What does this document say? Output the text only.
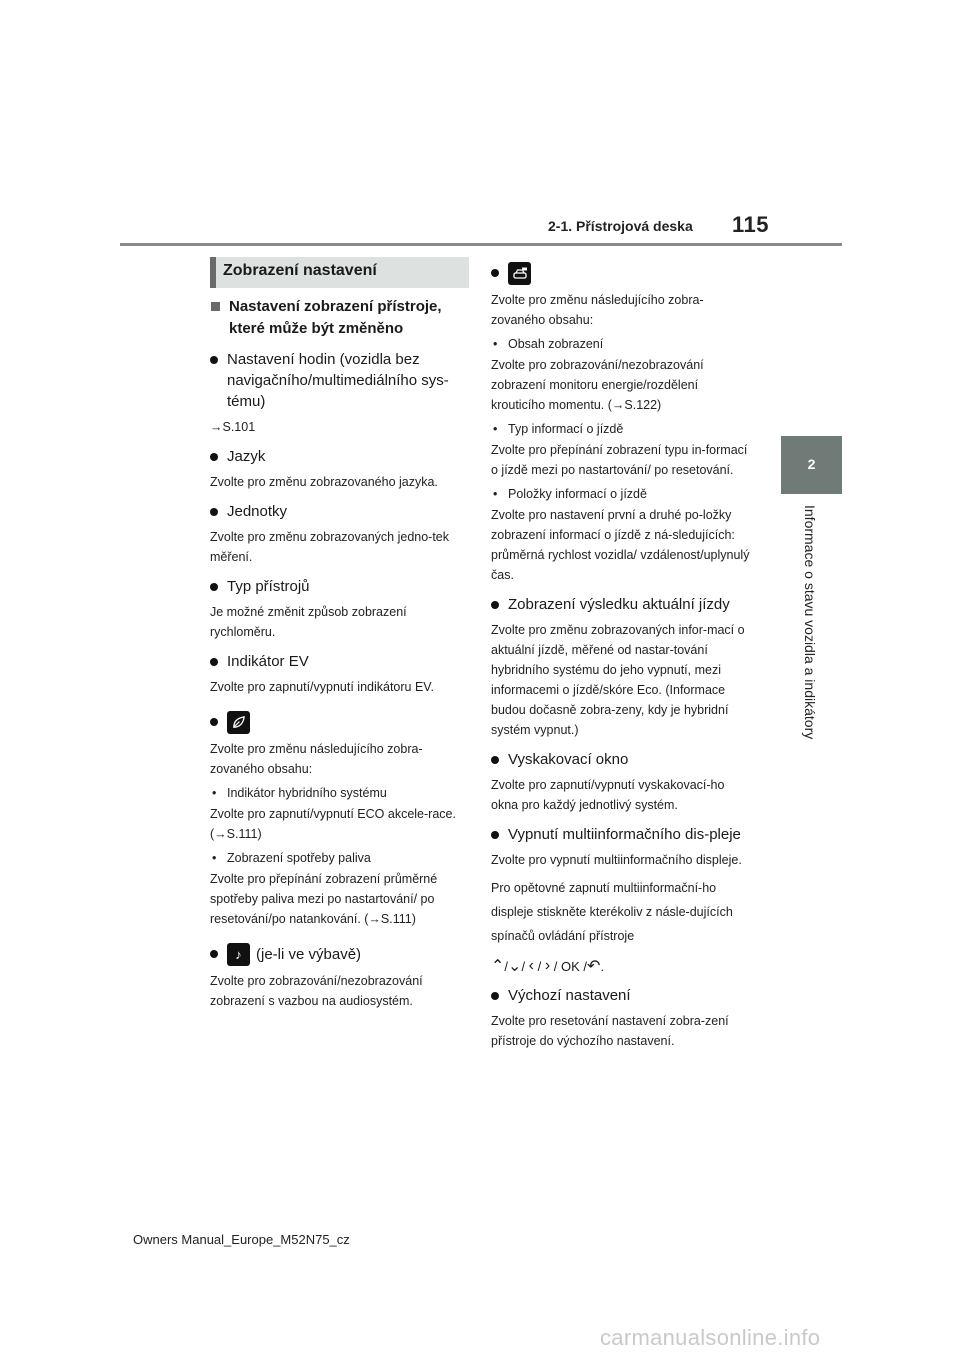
2-1. Přístrojová deska 115
2
Informace o stavu vozidla a indikátory
Zobrazení nastavení
Nastavení zobrazení přístroje, které může být změněno
Nastavení hodin (vozidla bez navigačního/multimediálního sys-tému)
→S.101
Jazyk
Zvolte pro změnu zobrazovaného jazyka.
Jednotky
Zvolte pro změnu zobrazovaných jedno-tek měření.
Typ přístrojů
Je možné změnit způsob zobrazení rychloměru.
Indikátor EV
Zvolte pro zapnutí/vypnutí indikátoru EV.
Zvolte pro změnu následujícího zobra-zovaného obsahu:
• Indikátor hybridního systému
Zvolte pro zapnutí/vypnutí ECO akcele-race. (→S.111)
• Zobrazení spotřeby paliva
Zvolte pro přepínání zobrazení průměrné spotřeby paliva mezi po nastartování/ po resetování/po natankování. (→S.111)
♪ (je-li ve výbavě)
Zvolte pro zobrazování/nezobrazování zobrazení s vazbou na audiosystém.
Zvolte pro změnu následujícího zobra-zovaného obsahu:
• Obsah zobrazení
Zvolte pro zobrazování/nezobrazování zobrazení monitoru energie/rozdělení krouticího momentu. (→S.122)
• Typ informací o jízdě
Zvolte pro přepínání zobrazení typu in-formací o jízdě mezi po nastartování/ po resetování.
• Položky informací o jízdě
Zvolte pro nastavení první a druhé po-ložky zobrazení informací o jízdě z ná-sledujících: průměrná rychlost vozidla/ vzdálenost/uplynulý čas.
Zobrazení výsledku aktuální jízdy
Zvolte pro změnu zobrazovaných infor-mací o aktuální jízdě, měřené od nastar-tování hybridního systému do jeho vypnutí, mezi informacemi o jízdě/skóre Eco. (Informace budou dočasně zobra-zeny, kdy je hybridní systém vypnut.)
Vyskakovací okno
Zvolte pro zapnutí/vypnutí vyskakovací-ho okna pro každý jednotlivý systém.
Vypnutí multiinformačního dis-pleje
Zvolte pro vypnutí multiinformačního displeje.
Pro opětovné zapnutí multiinformační-ho displeje stiskněte kterékoliv z násle-dujících spínačů ovládání přístroje
⌃ / ⌄ / ‹ / › / OK / ↶ .
Výchozí nastavení
Zvolte pro resetování nastavení zobra-zení přístroje do výchozího nastavení.
Owners Manual_Europe_M52N75_cz
carmanualsonline.info
